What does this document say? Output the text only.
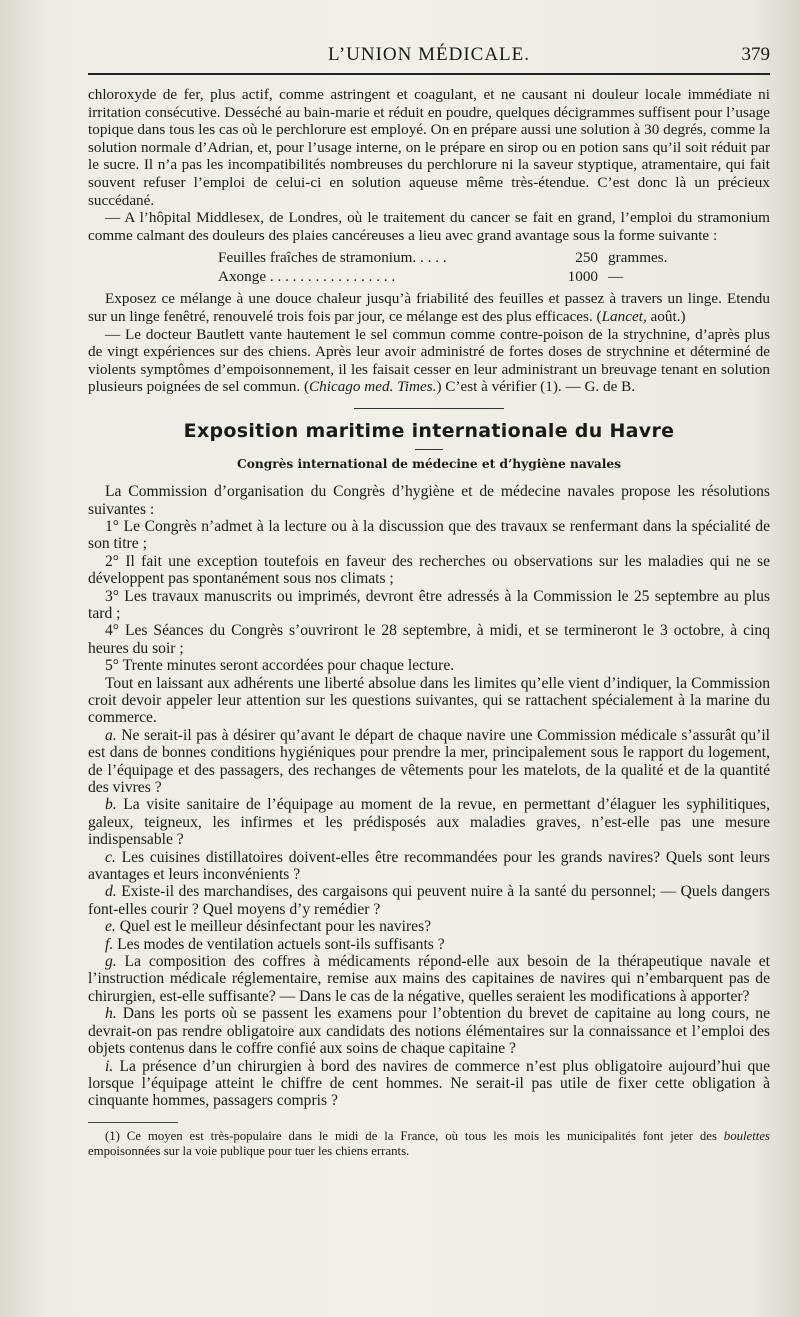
L’UNION MÉDICALE.	379

chloroxyde de fer, plus actif, comme astringent et coagulant, et ne causant ni douleur locale immédiate ni irritation consécutive. Desséché au bain-marie et réduit en poudre, quelques décigrammes suffisent pour l’usage topique dans tous les cas où le perchlorure est employé. On en prépare aussi une solution à 30 degrés, comme la solution normale d’Adrian, et, pour l’usage interne, on le prépare en sirop ou en potion sans qu’il soit réduit par le sucre. Il n’a pas les incompatibilités nombreuses du perchlorure ni la saveur styptique, atramentaire, qui fait souvent refuser l’emploi de celui-ci en solution aqueuse même très-étendue. C’est donc là un précieux succédané.

— A l’hôpital Middlesex, de Londres, où le traitement du cancer se fait en grand, l’emploi du stramonium comme calmant des douleurs des plaies cancéreuses a lieu avec grand avantage sous la forme suivante :

Feuilles fraîches de stramonium. . . . .	250 grammes.
Axonge . . . . . . . . . . . . . . . . .	1000 —

Exposez ce mélange à une douce chaleur jusqu’à friabilité des feuilles et passez à travers un linge. Etendu sur un linge fenêtré, renouvelé trois fois par jour, ce mélange est des plus efficaces. (Lancet, août.)

— Le docteur Bautlett vante hautement le sel commun comme contre-poison de la strychnine, d’après plus de vingt expériences sur des chiens. Après leur avoir administré de fortes doses de strychnine et déterminé de violents symptômes d’empoisonnement, il les faisait cesser en leur administrant un breuvage tenant en solution plusieurs poignées de sel commun. (Chicago med. Times.) C’est à vérifier (1). — G. de B.

Exposition maritime internationale du Havre
Congrès international de médecine et d’hygiène navales

La Commission d’organisation du Congrès d’hygiène et de médecine navales propose les résolutions suivantes :

1° Le Congrès n’admet à la lecture ou à la discussion que des travaux se renfermant dans la spécialité de son titre ;

2° Il fait une exception toutefois en faveur des recherches ou observations sur les maladies qui ne se développent pas spontanément sous nos climats ;

3° Les travaux manuscrits ou imprimés, devront être adressés à la Commission le 25 septembre au plus tard ;

4° Les Séances du Congrès s’ouvriront le 28 septembre, à midi, et se termineront le 3 octobre, à cinq heures du soir ;

5° Trente minutes seront accordées pour chaque lecture.

Tout en laissant aux adhérents une liberté absolue dans les limites qu’elle vient d’indiquer, la Commission croit devoir appeler leur attention sur les questions suivantes, qui se rattachent spécialement à la marine du commerce.

a. Ne serait-il pas à désirer qu’avant le départ de chaque navire une Commission médicale s’assurât qu’il est dans de bonnes conditions hygiéniques pour prendre la mer, principalement sous le rapport du logement, de l’équipage et des passagers, des rechanges de vêtements pour les matelots, de la qualité et de la quantité des vivres ?

b. La visite sanitaire de l’équipage au moment de la revue, en permettant d’élaguer les syphilitiques, galeux, teigneux, les infirmes et les prédisposés aux maladies graves, n’est-elle pas une mesure indispensable ?

c. Les cuisines distillatoires doivent-elles être recommandées pour les grands navires? Quels sont leurs avantages et leurs inconvénients ?

d. Existe-il des marchandises, des cargaisons qui peuvent nuire à la santé du personnel; — Quels dangers font-elles courir ? Quel moyens d’y remédier ?

e. Quel est le meilleur désinfectant pour les navires?

f. Les modes de ventilation actuels sont-ils suffisants ?

g. La composition des coffres à médicaments répond-elle aux besoin de la thérapeutique navale et l’instruction médicale réglementaire, remise aux mains des capitaines de navires qui n’embarquent pas de chirurgien, est-elle suffisante? — Dans le cas de la négative, quelles seraient les modifications à apporter?

h. Dans les ports où se passent les examens pour l’obtention du brevet de capitaine au long cours, ne devrait-on pas rendre obligatoire aux candidats des notions élémentaires sur la connaissance et l’emploi des objets contenus dans le coffre confié aux soins de chaque capitaine ?

i. La présence d’un chirurgien à bord des navires de commerce n’est plus obligatoire aujourd’hui que lorsque l’équipage atteint le chiffre de cent hommes. Ne serait-il pas utile de fixer cette obligation à cinquante hommes, passagers compris ?

(1) Ce moyen est très-populaire dans le midi de la France, où tous les mois les municipalités font jeter des boulettes empoisonnées sur la voie publique pour tuer les chiens errants.
